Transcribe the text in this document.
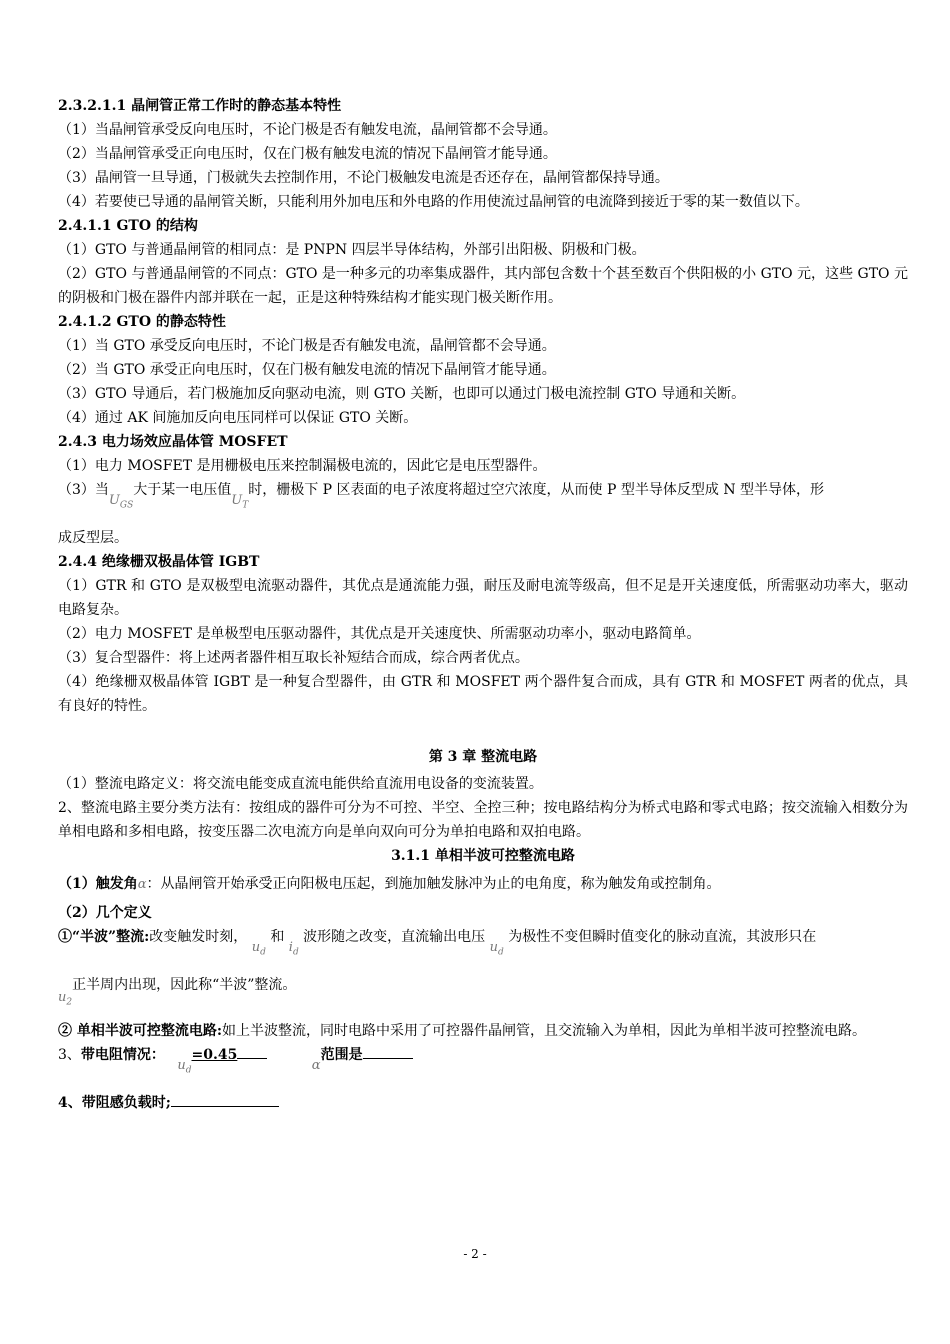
2.3.2.1.1 晶闸管正常工作时的静态基本特性

（1）当晶闸管承受反向电压时，不论门极是否有触发电流，晶闸管都不会导通。

（2）当晶闸管承受正向电压时，仅在门极有触发电流的情况下晶闸管才能导通。

（3）晶闸管一旦导通，门极就失去控制作用，不论门极触发电流是否还存在，晶闸管都保持导通。

（4）若要使已导通的晶闸管关断，只能利用外加电压和外电路的作用使流过晶闸管的电流降到接近于零的某一数值以下。

2.4.1.1 GTO 的结构

（1）GTO 与普通晶闸管的相同点：是 PNPN 四层半导体结构，外部引出阳极、阴极和门极。

（2）GTO 与普通晶闸管的不同点：GTO 是一种多元的功率集成器件，其内部包含数十个甚至数百个供阳极的小 GTO 元，这些 GTO 元的阴极和门极在器件内部并联在一起，正是这种特殊结构才能实现门极关断作用。

2.4.1.2 GTO 的静态特性

（1）当 GTO 承受反向电压时，不论门极是否有触发电流，晶闸管都不会导通。

（2）当 GTO 承受正向电压时，仅在门极有触发电流的情况下晶闸管才能导通。

（3）GTO 导通后，若门极施加反向驱动电流，则 GTO 关断，也即可以通过门极电流控制 GTO 导通和关断。

（4）通过 AK 间施加反向电压同样可以保证 GTO 关断。

2.4.3 电力场效应晶体管 MOSFET

（1）电力 MOSFET 是用栅极电压来控制漏极电流的，因此它是电压型器件。

（3）当$U_{GS}$大于某一电压值$U_T$时，栅极下 P 区表面的电子浓度将超过空穴浓度，从而使 P 型半导体反型成 N 型半导体，形

成反型层。

2.4.4 绝缘栅双极晶体管 IGBT

（1）GTR 和 GTO 是双极型电流驱动器件，其优点是通流能力强，耐压及耐电流等级高，但不足是开关速度低，所需驱动功率大，驱动电路复杂。

（2）电力 MOSFET 是单极型电压驱动器件，其优点是开关速度快、所需驱动功率小，驱动电路简单。

（3）复合型器件：将上述两者器件相互取长补短结合而成，综合两者优点。

（4）绝缘栅双极晶体管 IGBT 是一种复合型器件，由 GTR 和 MOSFET 两个器件复合而成，具有 GTR 和 MOSFET 两者的优点，具有良好的特性。

第 3 章 整流电路

（1）整流电路定义：将交流电能变成直流电能供给直流用电设备的变流装置。

2、整流电路主要分类方法有：按组成的器件可分为不可控、半空、全控三种；按电路结构分为桥式电路和零式电路；按交流输入相数分为单相电路和多相电路，按变压器二次电流方向是单向双向可分为单拍电路和双拍电路。

3.1.1 单相半波可控整流电路

（1）触发角α：从晶闸管开始承受正向阳极电压起，到施加触发脉冲为止的电角度，称为触发角或控制角。

（2）几个定义

①“半波”整流:改变触发时刻， $u_d$ 和 $i_d$ 波形随之改变，直流输出电压 $u_d$ 为极性不变但瞬时值变化的脉动直流，其波形只在

$u_2$正半周内出现，因此称“半波”整流。

② 单相半波可控整流电路:如上半波整流，同时电路中采用了可控器件晶闸管，且交流输入为单相，因此为单相半波可控整流电路。

3、带电阻情况： $u_d=0.45$ α范围是

4、带阻感负载时;

- 2 -
